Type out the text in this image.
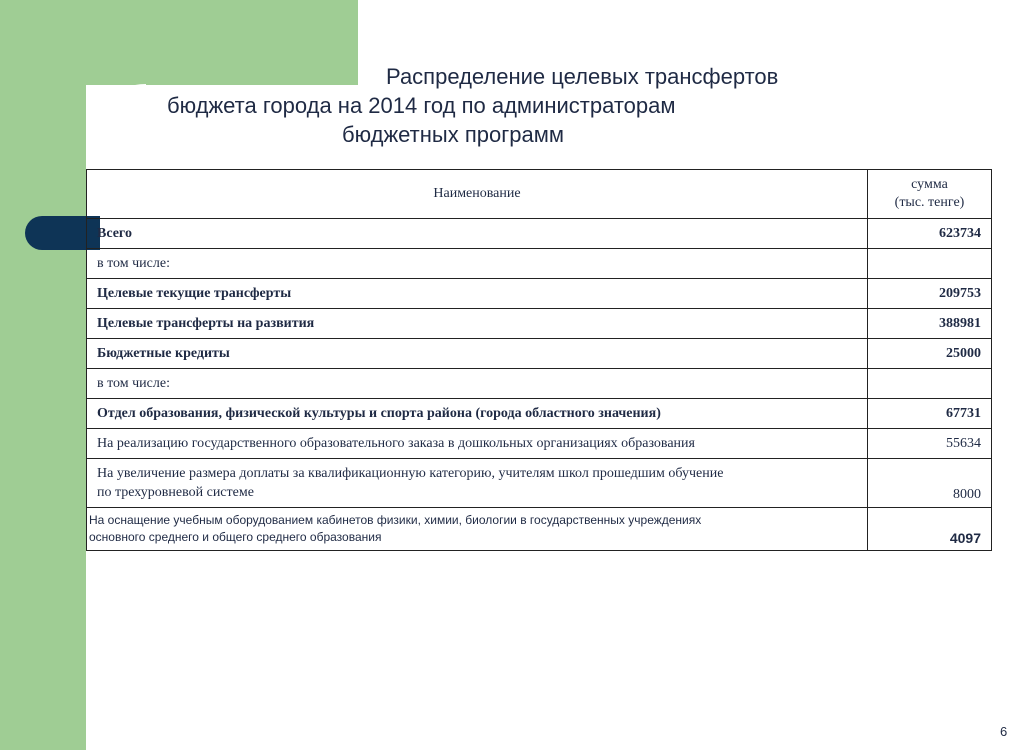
Распределение целевых трансфертов
бюджета города на 2014 год по администраторам
бюджетных программ
Наименование	сумма
(тыс. тенге)

Всего	623734
в том числе:	
Целевые текущие трансферты	209753
Целевые трансферты на развития	388981
Бюджетные кредиты	25000
в том числе:	
Отдел образования, физической культуры и спорта района (города областного значения)	67731
На реализацию государственного образовательного заказа в дошкольных организациях образования	55634

На увеличение размера доплаты за квалификационную категорию, учителям школ прошедшим обучение
по трехуровневой системе	8000

На оснащение учебным оборудованием кабинетов физики, химии, биологии в государственных учреждениях
основного среднего и общего среднего образования	4097
6
